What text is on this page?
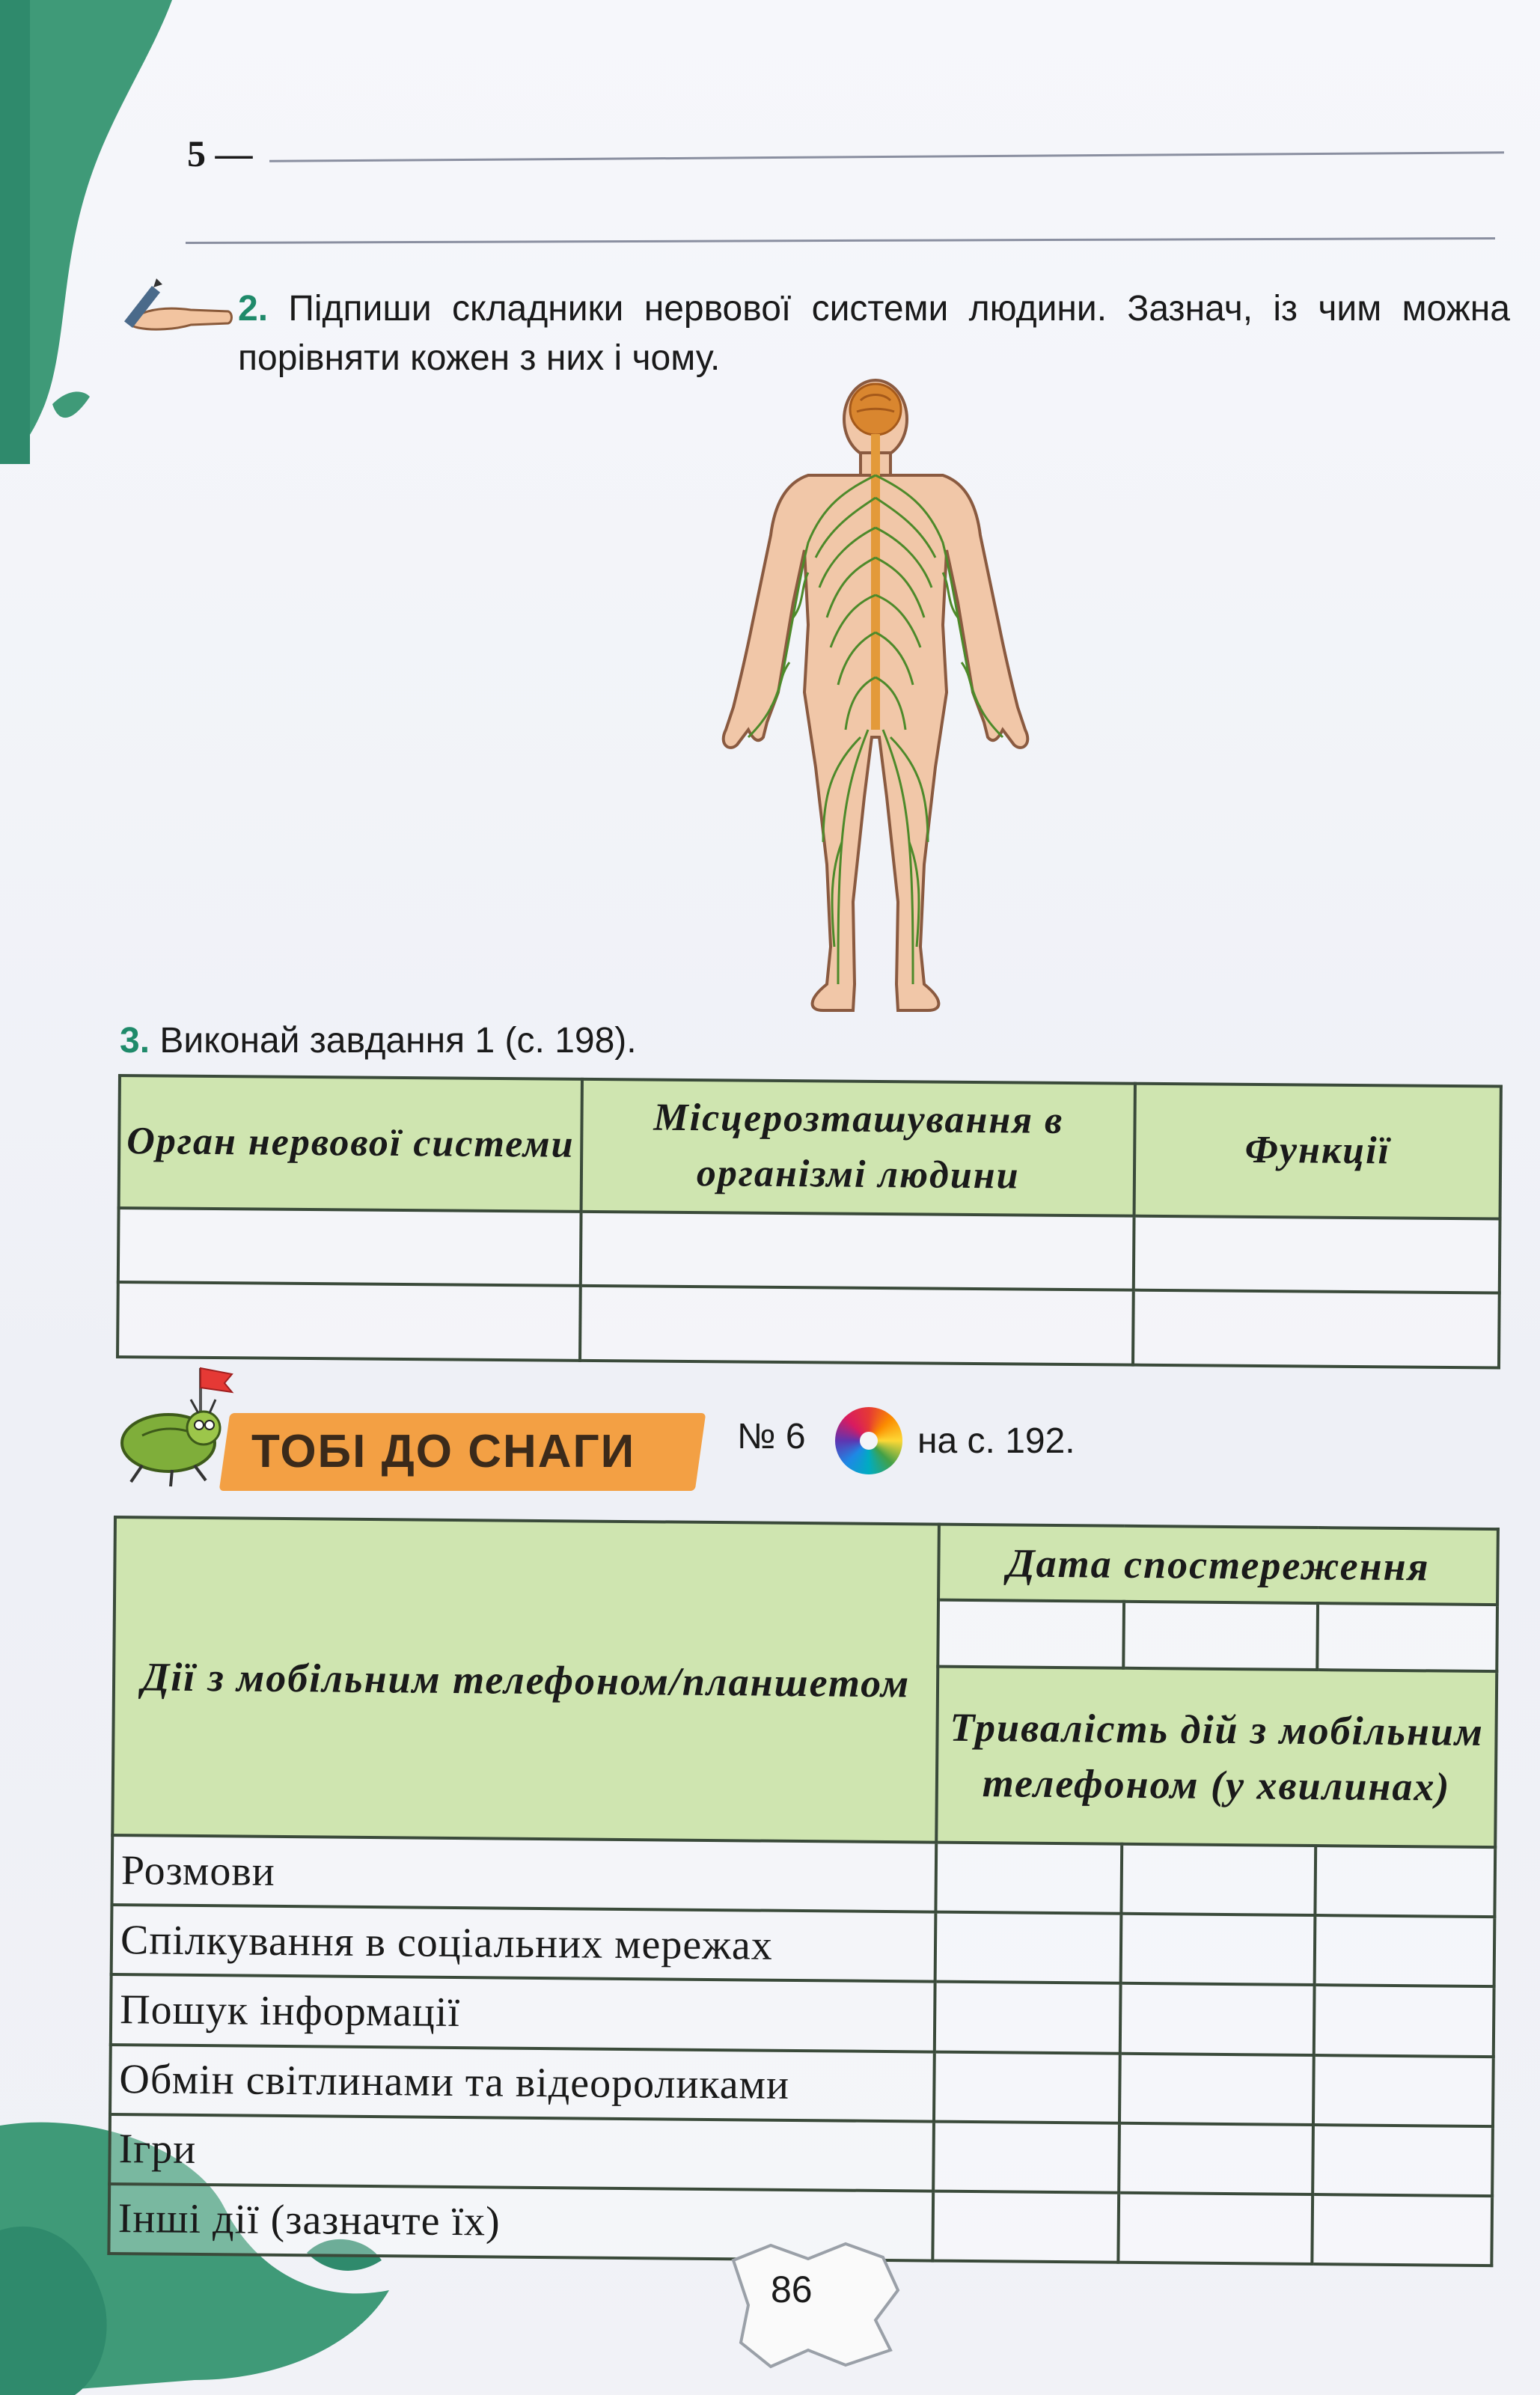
5 —
2. Підпиши складники нервової системи людини. Зазнач, із чим можна порівняти кожен з них і чому.
3. Виконай завдання 1 (с. 198).
Орган нервової системи	Місцерозташування в організмі людини	Функції

ТОБІ ДО СНАГИ	№ 6	на с. 192.
Дії з мобільним телефоном/планшетом	Дата спостереження		

	Тривалість дій з мобільним телефоном (у хвилинах)		
Розмови			
Спілкування в соціальних мережах			
Пошук інформації			
Обмін світлинами та відеороликами			
Ігри			
Інші дії (зазначте їх)			
86
